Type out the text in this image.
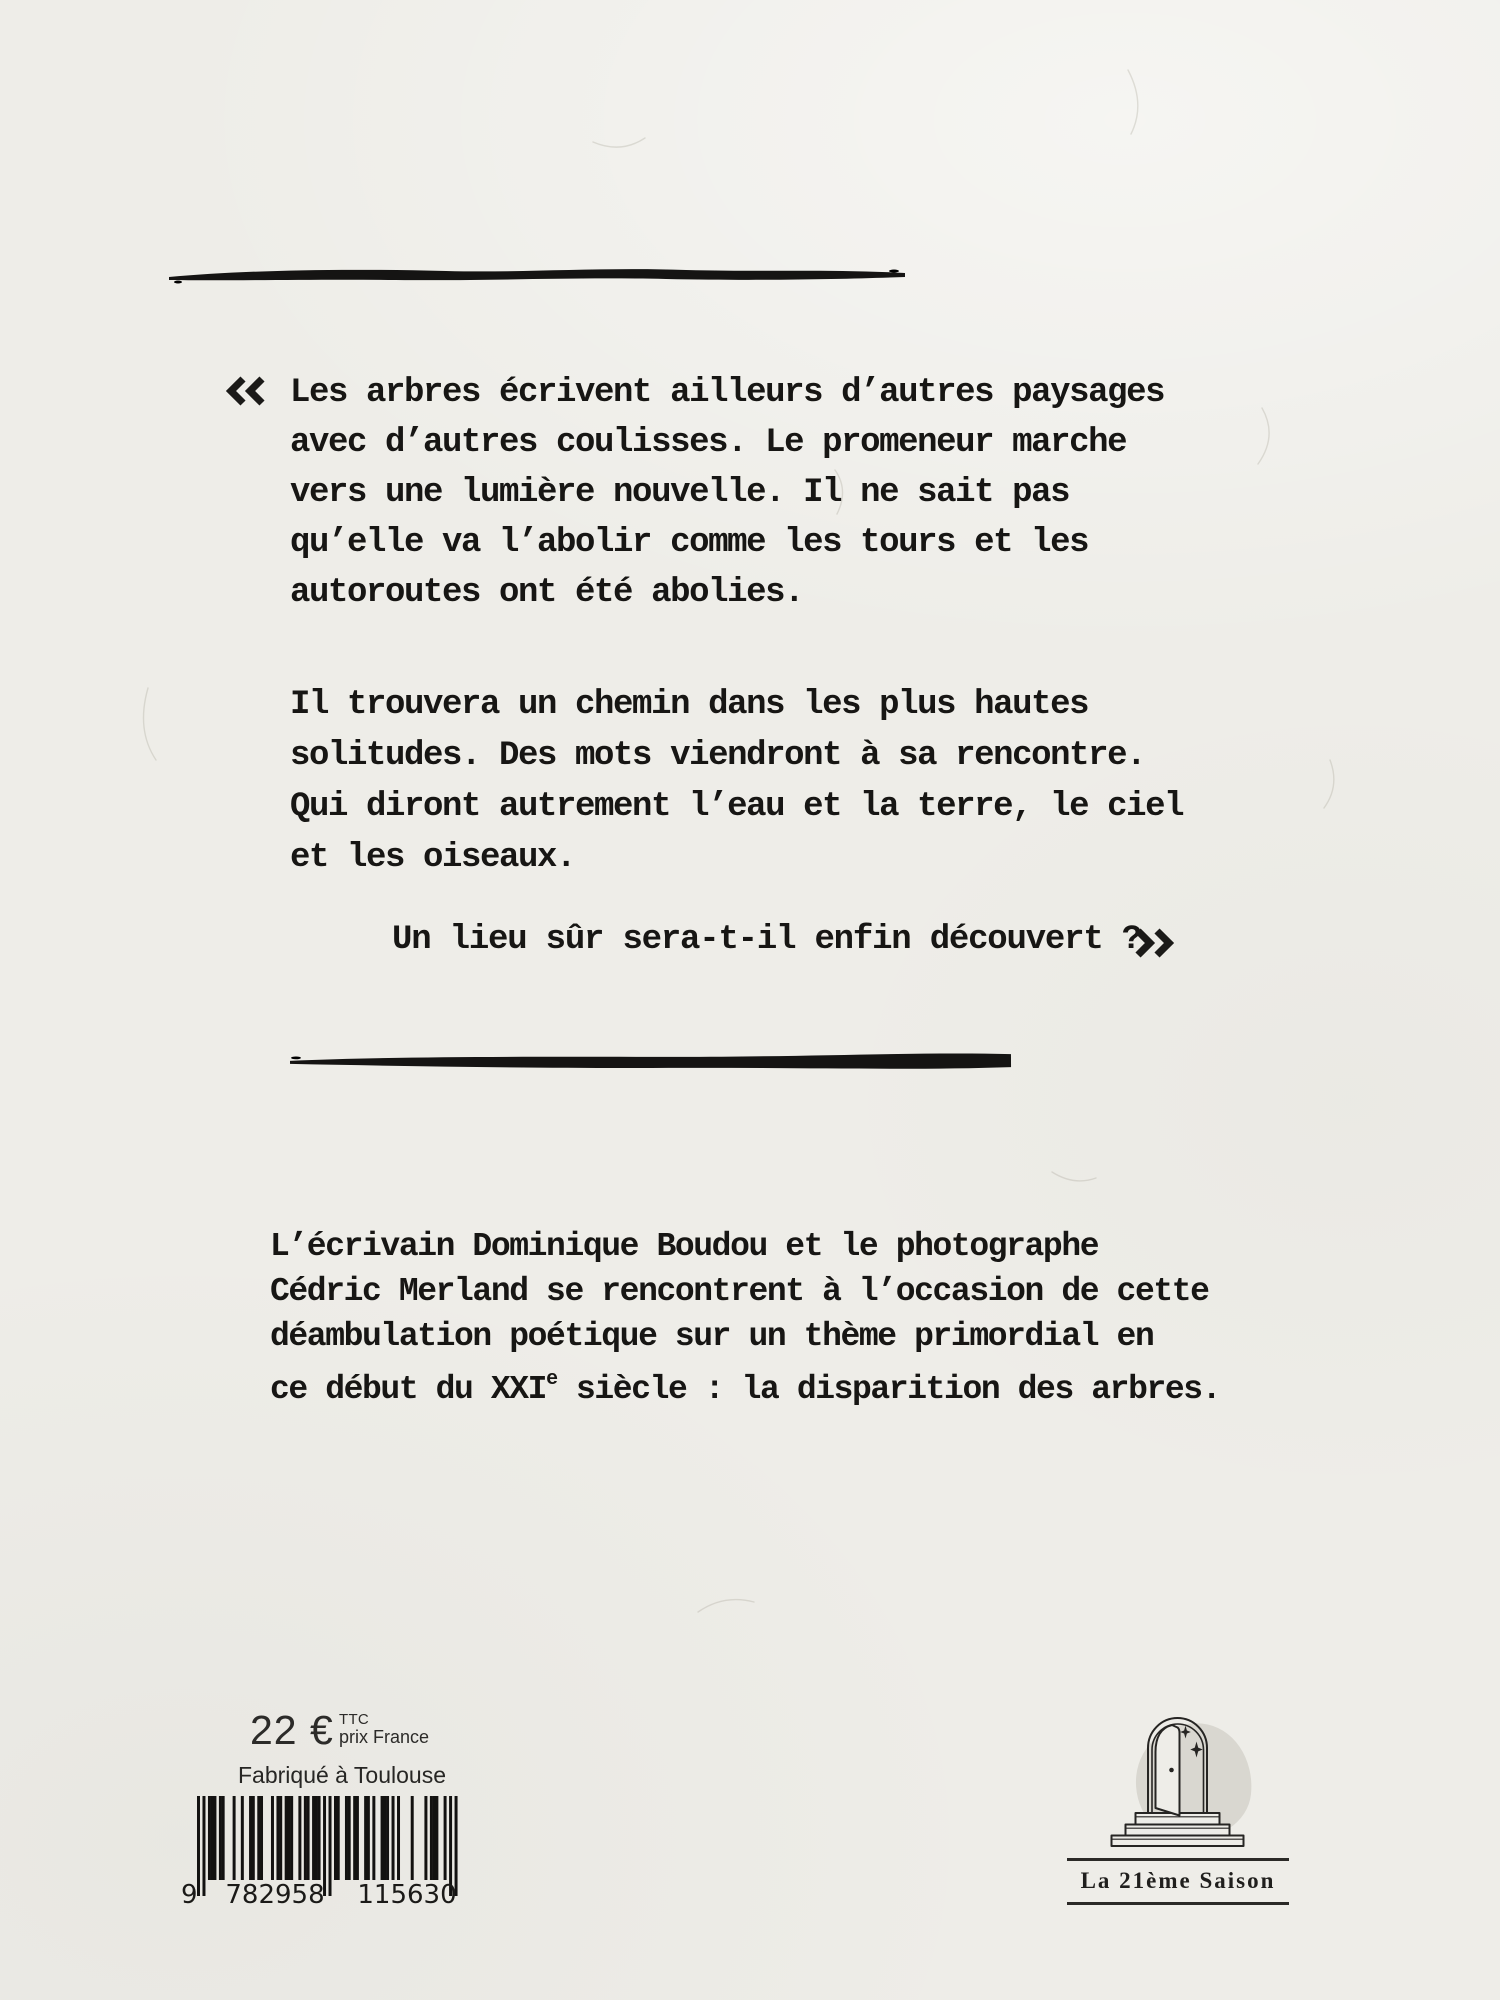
Les arbres écrivent ailleurs d’autres paysages
avec d’autres coulisses. Le promeneur marche
vers une lumière nouvelle. Il ne sait pas
qu’elle va l’abolir comme les tours et les
autoroutes ont été abolies.
Il trouvera un chemin dans les plus hautes
solitudes. Des mots viendront à sa rencontre.
Qui diront autrement l’eau et la terre, le ciel
et les oiseaux.
Un lieu sûr sera-t-il enfin découvert ?
L’écrivain Dominique Boudou et le photographe
Cédric Merland se rencontrent à l’occasion de cette
déambulation poétique sur un thème primordial en
ce début du XXIe siècle : la disparition des arbres.
22 € TTC
prix France
Fabriqué à Toulouse
9 782958 115630	La 21ème Saison
